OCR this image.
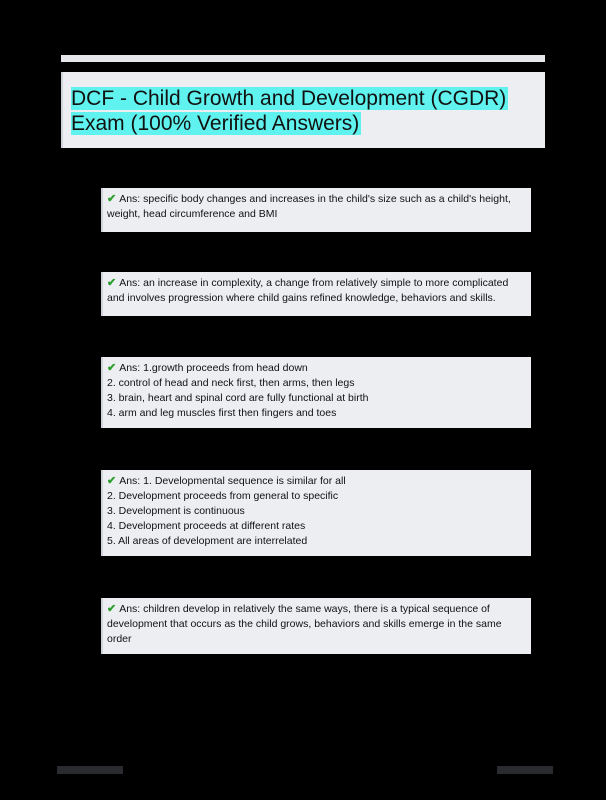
DCF - Child Growth and Development (CGDR)
Exam (100% Verified Answers)
✔ Ans: specific body changes and increases in the child's size such as a child's height,
weight, head circumference and BMI
✔ Ans: an increase in complexity, a change from relatively simple to more complicated
and involves progression where child gains refined knowledge, behaviors and skills.
✔ Ans: 1.growth proceeds from head down
2. control of head and neck first, then arms, then legs
3. brain, heart and spinal cord are fully functional at birth
4. arm and leg muscles first then fingers and toes
✔ Ans: 1. Developmental sequence is similar for all
2. Development proceeds from general to specific
3. Development is continuous
4. Development proceeds at different rates
5. All areas of development are interrelated
✔ Ans: children develop in relatively the same ways, there is a typical sequence of
development that occurs as the child grows, behaviors and skills emerge in the same
order
